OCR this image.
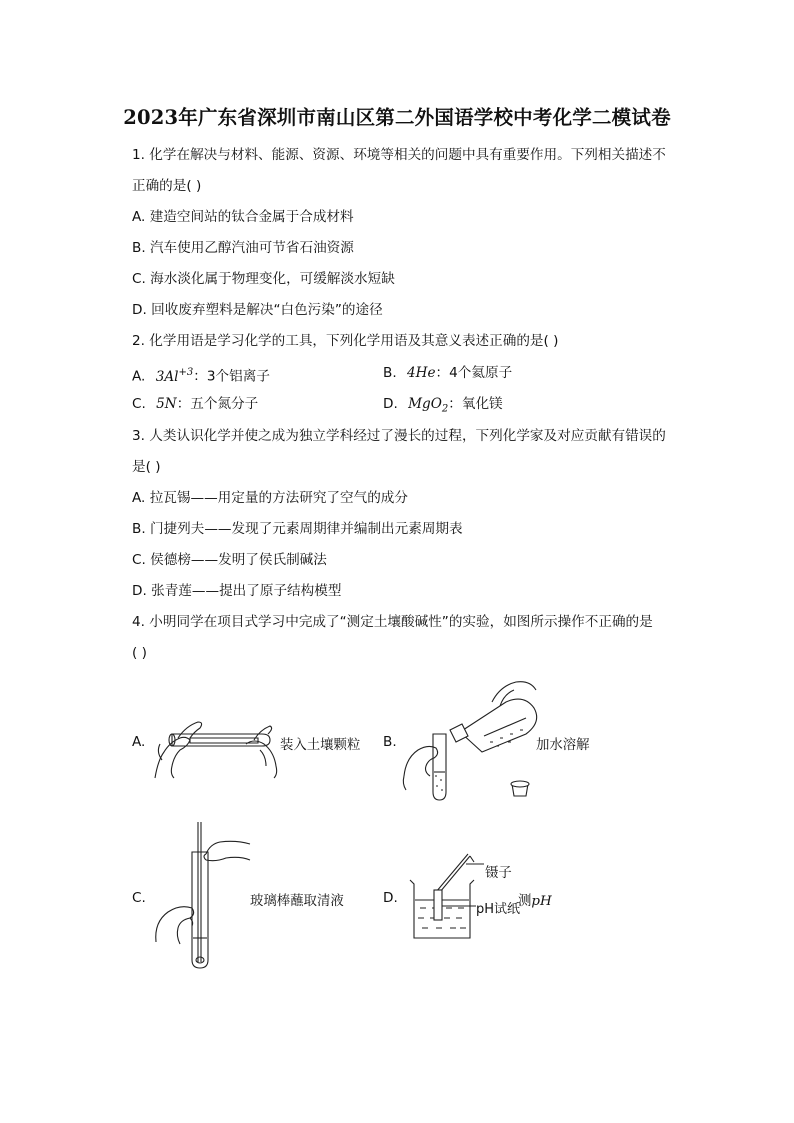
2023年广东省深圳市南山区第二外国语学校中考化学二模试卷
1. 化学在解决与材料、能源、资源、环境等相关的问题中具有重要作用。下列相关描述不
正确的是( )
A. 建造空间站的钛合金属于合成材料
B. 汽车使用乙醇汽油可节省石油资源
C. 海水淡化属于物理变化，可缓解淡水短缺
D. 回收废弃塑料是解决“白色污染”的途径
2. 化学用语是学习化学的工具，下列化学用语及其意义表述正确的是( )
A. $3Al^{+3}$：3个铝离子	B. 4He：4个氦原子
C. 5N：五个氮分子	D. MgO$_2$：氧化镁
3. 人类认识化学并使之成为独立学科经过了漫长的过程，下列化学家及对应贡献有错误的
是( )
A. 拉瓦锡——用定量的方法研究了空气的成分
B. 门捷列夫——发现了元素周期律并编制出元素周期表
C. 侯德榜——发明了侯氏制碱法
D. 张青莲——提出了原子结构模型
4. 小明同学在项目式学习中完成了“测定土壤酸碱性”的实验，如图所示操作不正确的是
( )
A.	装入土壤颗粒 B.	加水溶解
C.	玻璃棒蘸取清液	D.
镊子
pH试纸
测pH
